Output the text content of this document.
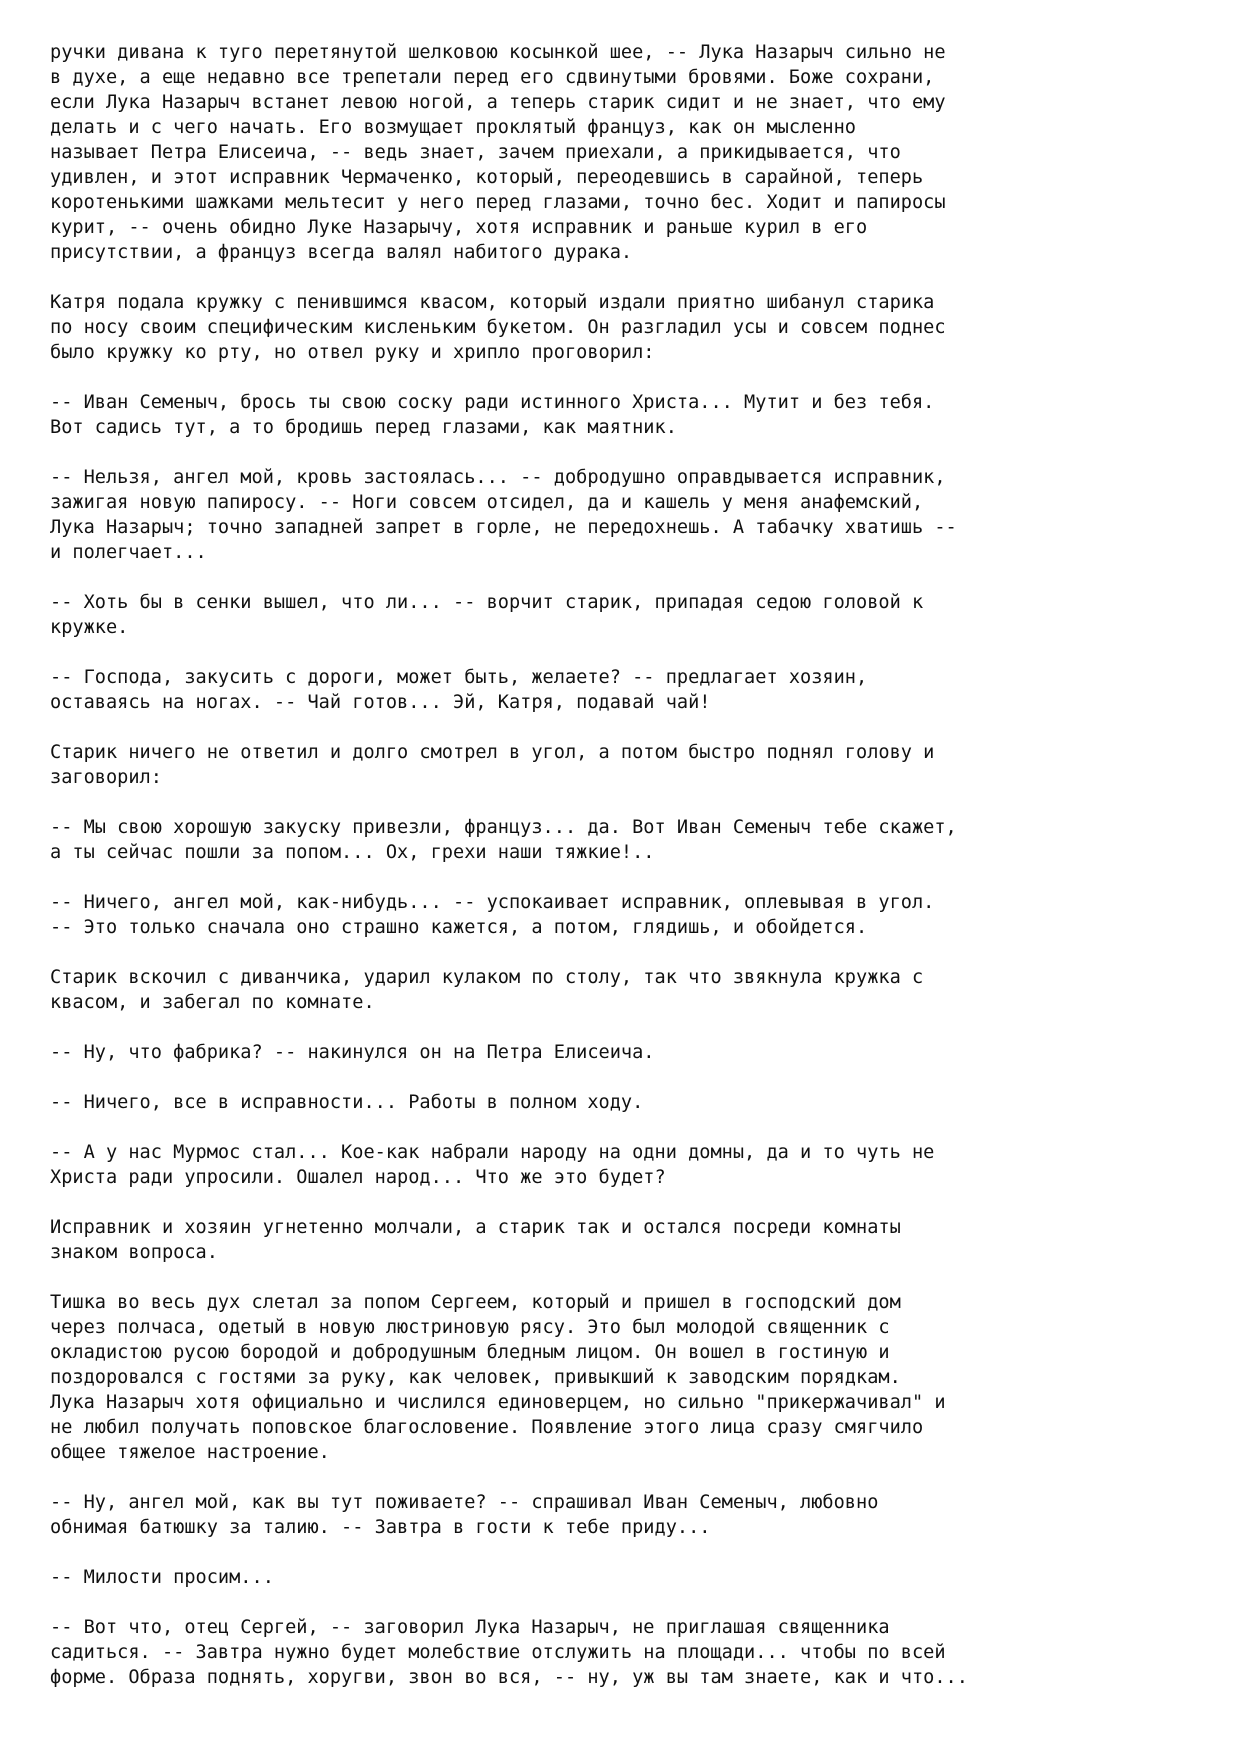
ручки дивана к туго перетянутой шелковою косынкой шее, -- Лука Назарыч сильно не
в духе, а еще недавно все трепетали перед его сдвинутыми бровями. Боже сохрани,
если Лука Назарыч встанет левою ногой, а теперь старик сидит и не знает, что ему
делать и с чего начать. Его возмущает проклятый француз, как он мысленно
называет Петра Елисеича, -- ведь знает, зачем приехали, а прикидывается, что
удивлен, и этот исправник Чермаченко, который, переодевшись в сарайной, теперь
коротенькими шажками мельтесит у него перед глазами, точно бес. Ходит и папиросы
курит, -- очень обидно Луке Назарычу, хотя исправник и раньше курил в его
присутствии, а француз всегда валял набитого дурака.

Катря подала кружку с пенившимся квасом, который издали приятно шибанул старика
по носу своим специфическим кисленьким букетом. Он разгладил усы и совсем поднес
было кружку ко рту, но отвел руку и хрипло проговорил:

-- Иван Семеныч, брось ты свою соску ради истинного Христа... Мутит и без тебя.
Вот садись тут, а то бродишь перед глазами, как маятник.

-- Нельзя, ангел мой, кровь застоялась... -- добродушно оправдывается исправник,
зажигая новую папиросу. -- Ноги совсем отсидел, да и кашель у меня анафемский,
Лука Назарыч; точно западней запрет в горле, не передохнешь. А табачку хватишь --
и полегчает...

-- Хоть бы в сенки вышел, что ли... -- ворчит старик, припадая седою головой к
кружке.

-- Господа, закусить с дороги, может быть, желаете? -- предлагает хозяин,
оставаясь на ногах. -- Чай готов... Эй, Катря, подавай чай!

Старик ничего не ответил и долго смотрел в угол, а потом быстро поднял голову и
заговорил:

-- Мы свою хорошую закуску привезли, француз... да. Вот Иван Семеныч тебе скажет,
а ты сейчас пошли за попом... Ох, грехи наши тяжкие!..

-- Ничего, ангел мой, как-нибудь... -- успокаивает исправник, оплевывая в угол.
-- Это только сначала оно страшно кажется, а потом, глядишь, и обойдется.

Старик вскочил с диванчика, ударил кулаком по столу, так что звякнула кружка с
квасом, и забегал по комнате.

-- Ну, что фабрика? -- накинулся он на Петра Елисеича.

-- Ничего, все в исправности... Работы в полном ходу.

-- А у нас Мурмос стал... Кое-как набрали народу на одни домны, да и то чуть не
Христа ради упросили. Ошалел народ... Что же это будет?

Исправник и хозяин угнетенно молчали, а старик так и остался посреди комнаты
знаком вопроса.

Тишка во весь дух слетал за попом Сергеем, который и пришел в господский дом
через полчаса, одетый в новую люстриновую рясу. Это был молодой священник с
окладистою русою бородой и добродушным бледным лицом. Он вошел в гостиную и
поздоровался с гостями за руку, как человек, привыкший к заводским порядкам.
Лука Назарыч хотя официально и числился единоверцем, но сильно "прикержачивал" и
не любил получать поповское благословение. Появление этого лица сразу смягчило
общее тяжелое настроение.

-- Ну, ангел мой, как вы тут поживаете? -- спрашивал Иван Семеныч, любовно
обнимая батюшку за талию. -- Завтра в гости к тебе приду...

-- Милости просим...

-- Вот что, отец Сергей, -- заговорил Лука Назарыч, не приглашая священника
садиться. -- Завтра нужно будет молебствие отслужить на площади... чтобы по всей
форме. Образа поднять, хоругви, звон во вся, -- ну, уж вы там знаете, как и что...
